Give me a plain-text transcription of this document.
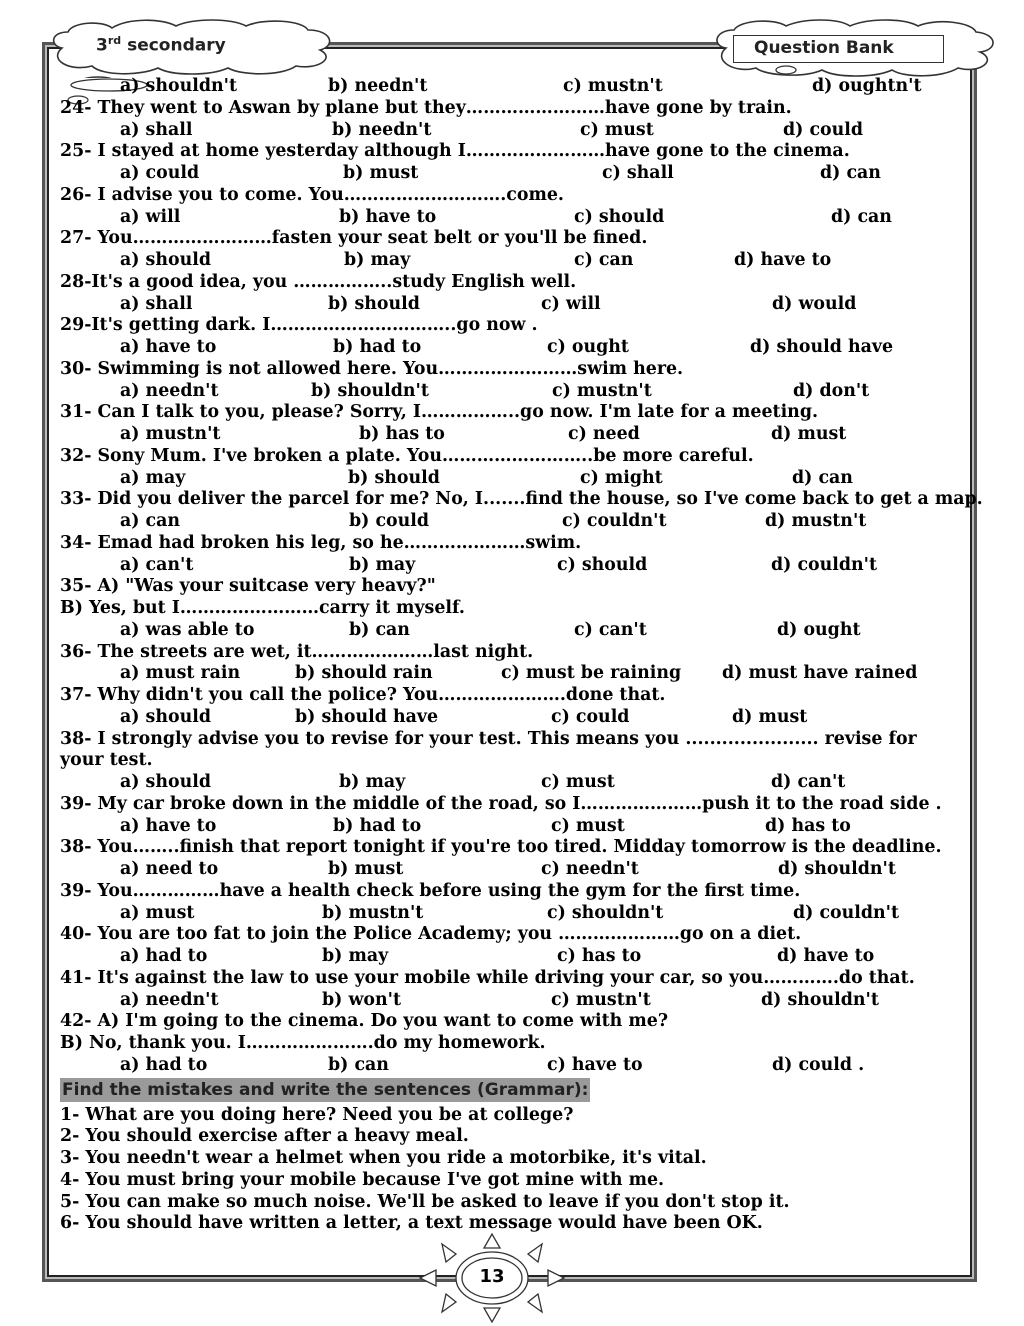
3rd secondary	Question Bank
a) shouldn't	b) needn't	c) mustn't	d) oughtn't
24- They went to Aswan by plane but they……………………have gone by train.
a) shall	b) needn't	c) must	d) could
25- I stayed at home yesterday although I……………………have gone to the cinema.
a) could	b) must	c) shall	d) can
26- I advise you to come. You……………………….come.
a) will	b) have to	c) should	d) can
27- You……………………fasten your seat belt or you'll be fined.
a) should	b) may	c) can	d) have to
28-It's a good idea, you ……………..study English well.
a) shall	b) should	c) will	d) would
29-It's getting dark. I…………………………..go now .
a) have to	b) had to	c) ought	d) should have
30- Swimming is not allowed here. You……………………swim here.
a) needn't	b) shouldn't	c) mustn't	d) don't
31- Can I talk to you, please? Sorry, I……………..go now. I'm late for a meeting.
a) mustn't	b) has to	c) need	d) must
32- Sony Mum. I've broken a plate. You……………………..be more careful.
a) may	b) should	c) might	d) can
33- Did you deliver the parcel for me? No, I.......find the house, so I've come back to get a map.
a) can	b) could	c) couldn't	d) mustn't
34- Emad had broken his leg, so he…………………swim.
a) can't	b) may	c) should	d) couldn't
35- A) "Was your suitcase very heavy?"
B) Yes, but I……………………carry it myself.
a) was able to	b) can	c) can't	d) ought
36- The streets are wet, it…………………last night.
a) must rain	b) should rain	c) must be raining d) must have rained
37- Why didn't you call the police? You………………….done that.
a) should	b) should have	c) could	d) must
38- I strongly advise you to revise for your test. This means you ...................... revise for your test.
a) should	b) may	c) must	d) can't
39- My car broke down in the middle of the road, so I…………………push it to the road side .
a) have to	b) had to	c) must	d) has to
38- You……..finish that report tonight if you're too tired. Midday tomorrow is the deadline.
a) need to	b) must	c) needn't	d) shouldn't
39- You……………have a health check before using the gym for the first time.
a) must	b) mustn't	c) shouldn't	d) couldn't
40- You are too fat to join the Police Academy; you …………………go on a diet.
a) had to	b) may	c) has to	d) have to
41- It's against the law to use your mobile while driving your car, so you………….do that.
a) needn't	b) won't	c) mustn't	d) shouldn't
42- A) I'm going to the cinema. Do you want to come with me?
B) No, thank you. I………………….do my homework.
a) had to	b) can	c) have to	d) could .
Find the mistakes and write the sentences (Grammar):
1- What are you doing here? Need you be at college?
2- You should exercise after a heavy meal.
3- You needn't wear a helmet when you ride a motorbike, it's vital.
4- You must bring your mobile because I've got mine with me.
5- You can make so much noise. We'll be asked to leave if you don't stop it.
6- You should have written a letter, a text message would have been OK.
13
